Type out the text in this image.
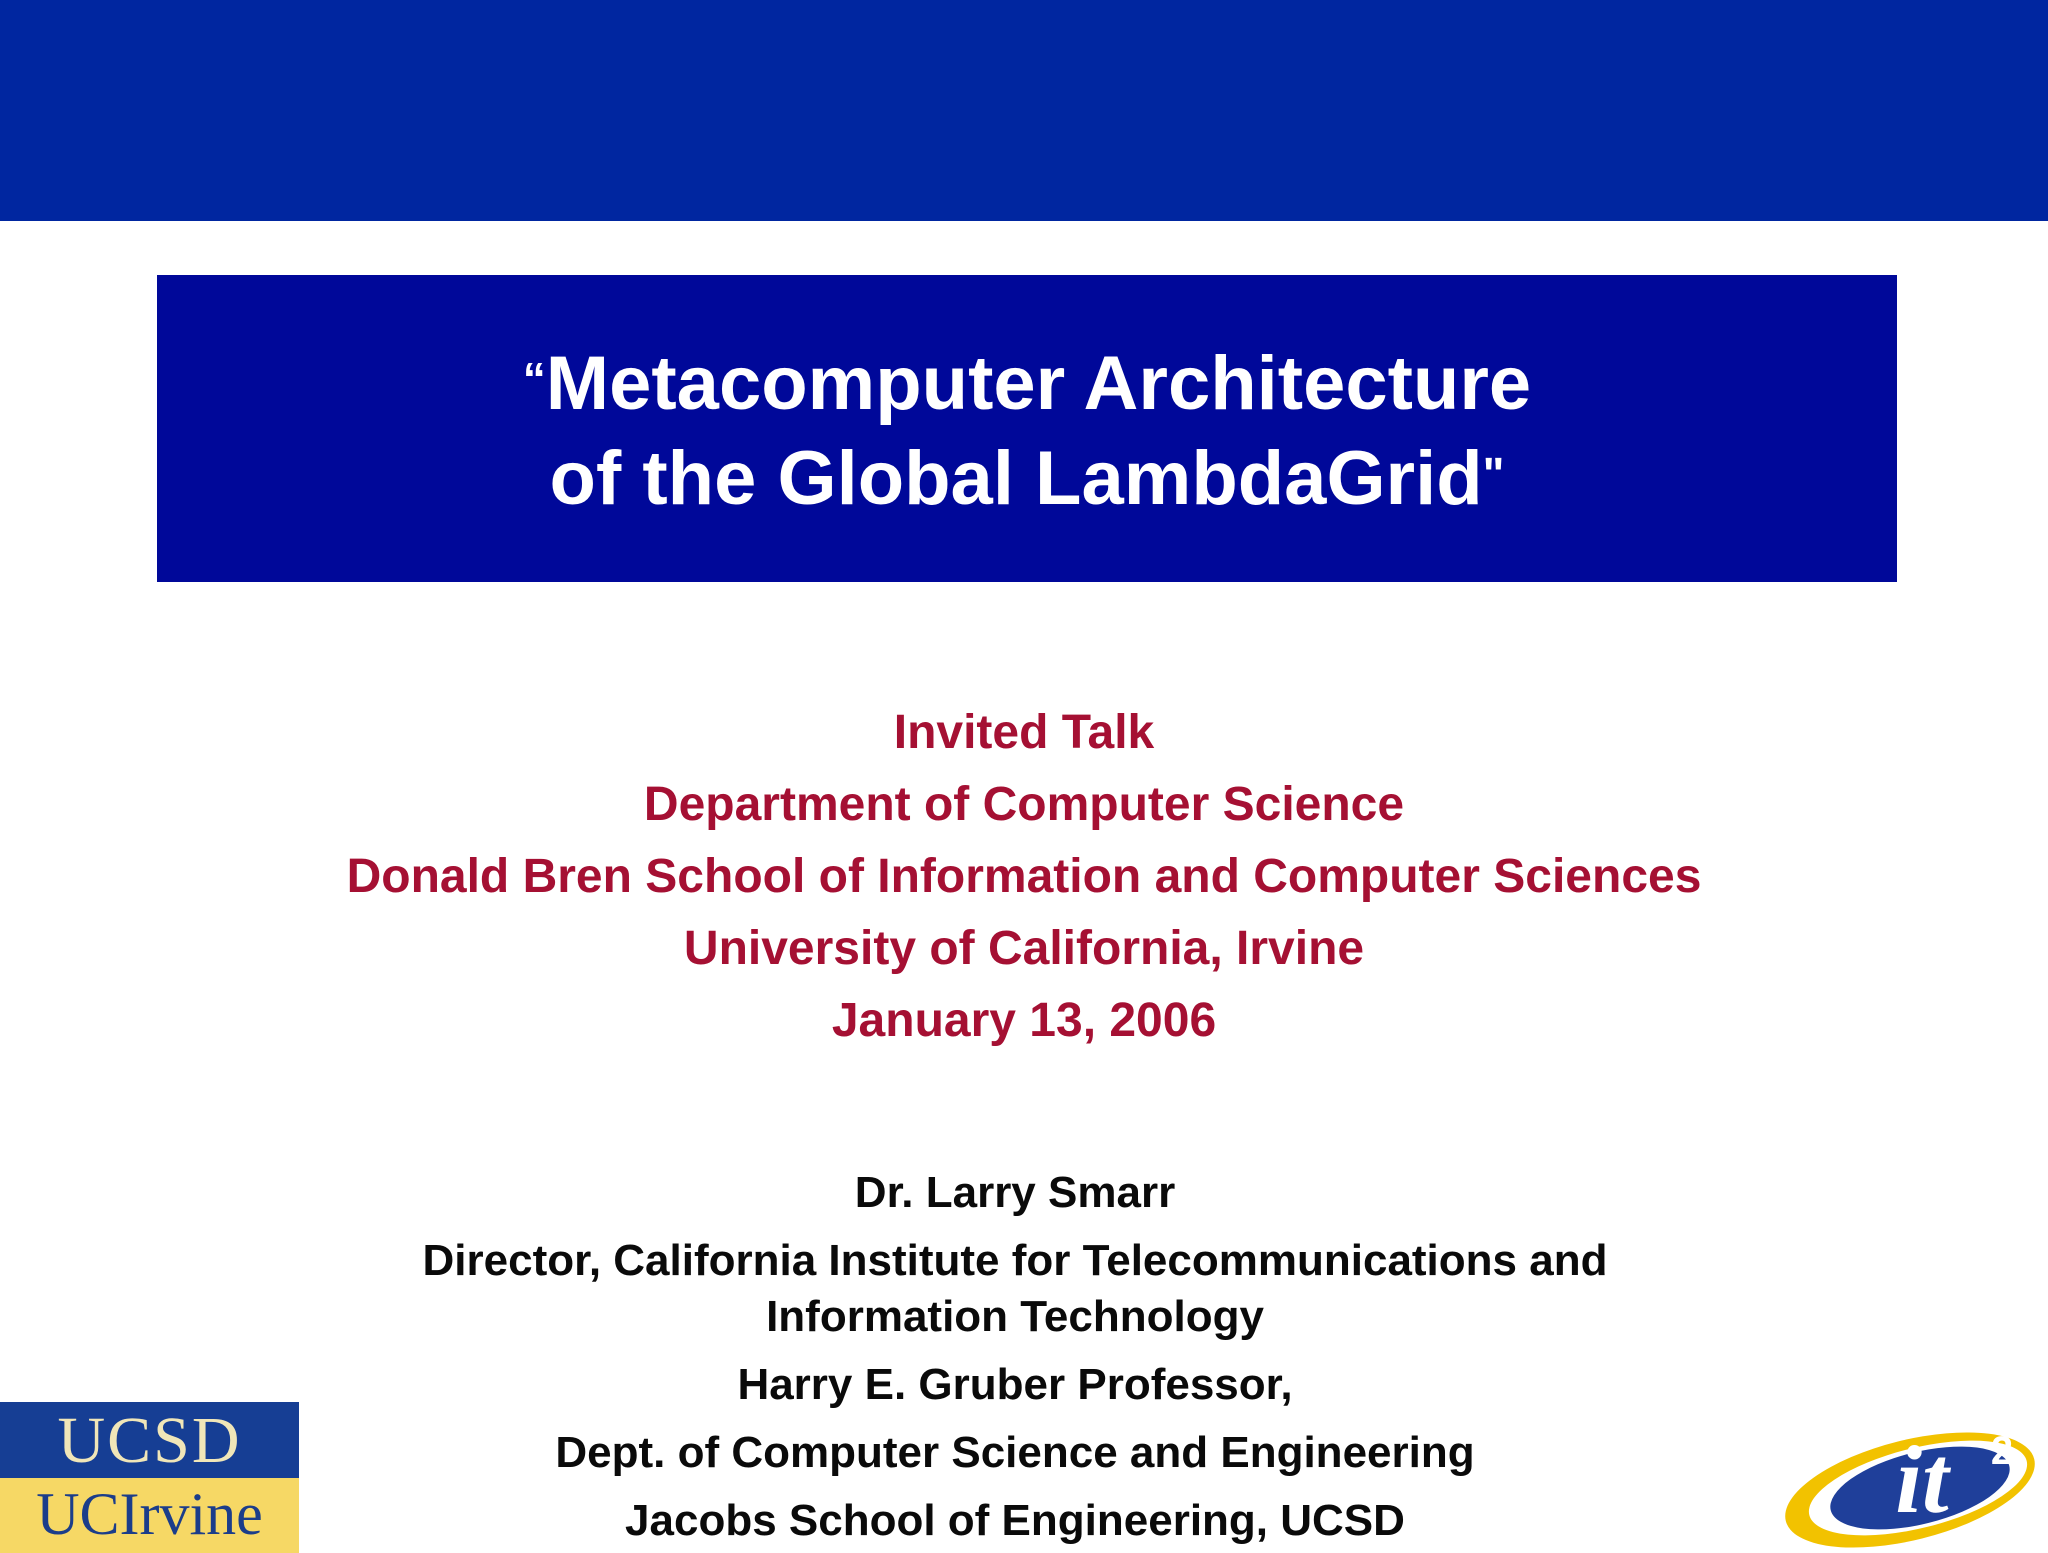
“Metacomputer Architecture
of the Global LambdaGrid"
Invited Talk
Department of Computer Science
Donald Bren School of Information and Computer Sciences
University of California, Irvine
January 13, 2006
Dr. Larry Smarr
Director, California Institute for Telecommunications and Information Technology
Harry E. Gruber Professor,
Dept. of Computer Science and Engineering
Jacobs School of Engineering, UCSD
UCSD
UCIrvine	it 2
